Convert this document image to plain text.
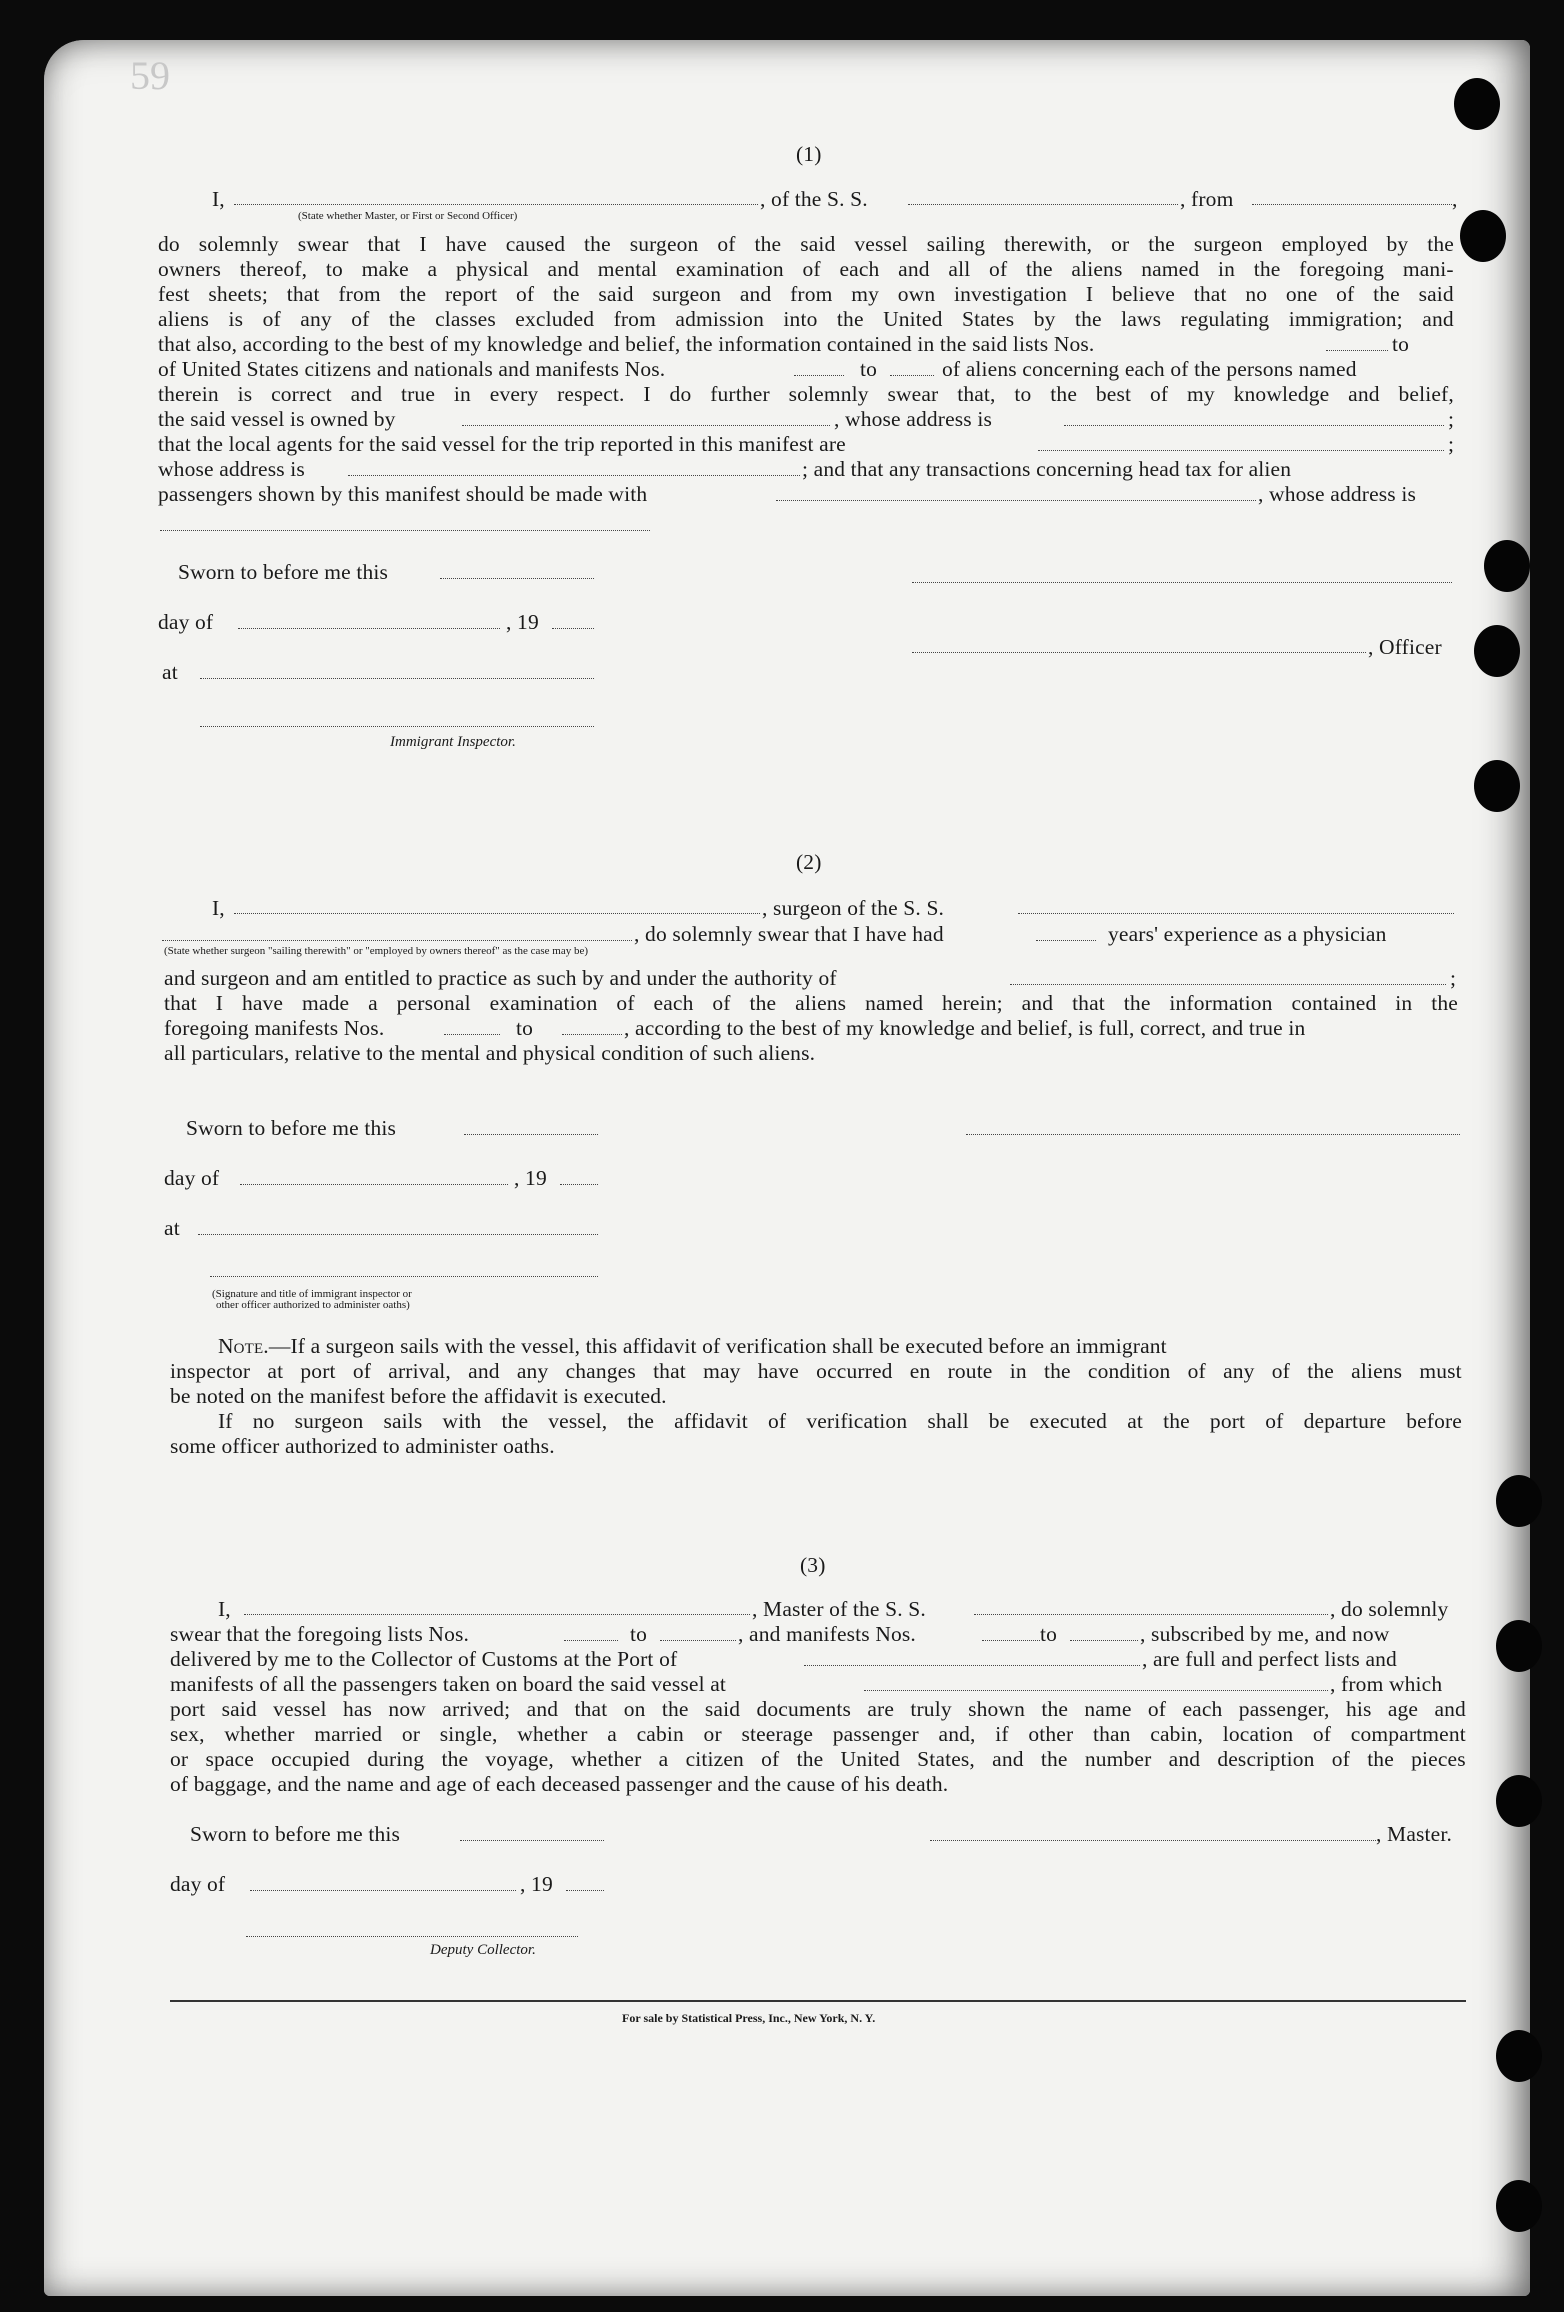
59
(1)
I,
(State whether Master, or First or Second Officer)
, of the S. S.	, from	,
do solemnly swear that I have caused the surgeon of the said vessel sailing therewith, or the surgeon employed by the
owners thereof, to make a physical and mental examination of each and all of the aliens named in the foregoing mani-
fest sheets; that from the report of the said surgeon and from my own investigation I believe that no one of the said
aliens is of any of the classes excluded from admission into the United States by the laws regulating immigration; and
that also, according to the best of my knowledge and belief, the information contained in the said lists Nos.	to
of United States citizens and nationals and manifests Nos.	to	of aliens concerning each of the persons named
therein is correct and true in every respect. I do further solemnly swear that, to the best of my knowledge and belief,
the said vessel is owned by	, whose address is	;
that the local agents for the said vessel for the trip reported in this manifest are	;
whose address is	; and that any transactions concerning head tax for alien
passengers shown by this manifest should be made with	, whose address is
Sworn to before me this
day of	, 19
, Officer
at
Immigrant Inspector.
(2)
I,	, surgeon of the S. S.
(State whether surgeon "sailing therewith" or "employed by owners thereof" as the case may be)
, do solemnly swear that I have had	years' experience as a physician
and surgeon and am entitled to practice as such by and under the authority of	;
that I have made a personal examination of each of the aliens named herein; and that the information contained in the
foregoing manifests Nos.	to	, according to the best of my knowledge and belief, is full, correct, and true in
all particulars, relative to the mental and physical condition of such aliens.
Sworn to before me this
day of	, 19
at
(Signature and title of immigrant inspector or
other officer authorized to administer oaths)
Note.—If a surgeon sails with the vessel, this affidavit of verification shall be executed before an immigrant
inspector at port of arrival, and any changes that may have occurred en route in the condition of any of the aliens must
be noted on the manifest before the affidavit is executed.
If no surgeon sails with the vessel, the affidavit of verification shall be executed at the port of departure before
some officer authorized to administer oaths.
(3)
I,	, Master of the S. S.	, do solemnly
swear that the foregoing lists Nos.	to	, and manifests Nos.	to	, subscribed by me, and now
delivered by me to the Collector of Customs at the Port of	, are full and perfect lists and
manifests of all the passengers taken on board the said vessel at	, from which
port said vessel has now arrived; and that on the said documents are truly shown the name of each passenger, his age and
sex, whether married or single, whether a cabin or steerage passenger and, if other than cabin, location of compartment
or space occupied during the voyage, whether a citizen of the United States, and the number and description of the pieces
of baggage, and the name and age of each deceased passenger and the cause of his death.
Sworn to before me this	, Master.
day of	, 19
Deputy Collector.
For sale by Statistical Press, Inc., New York, N. Y.
